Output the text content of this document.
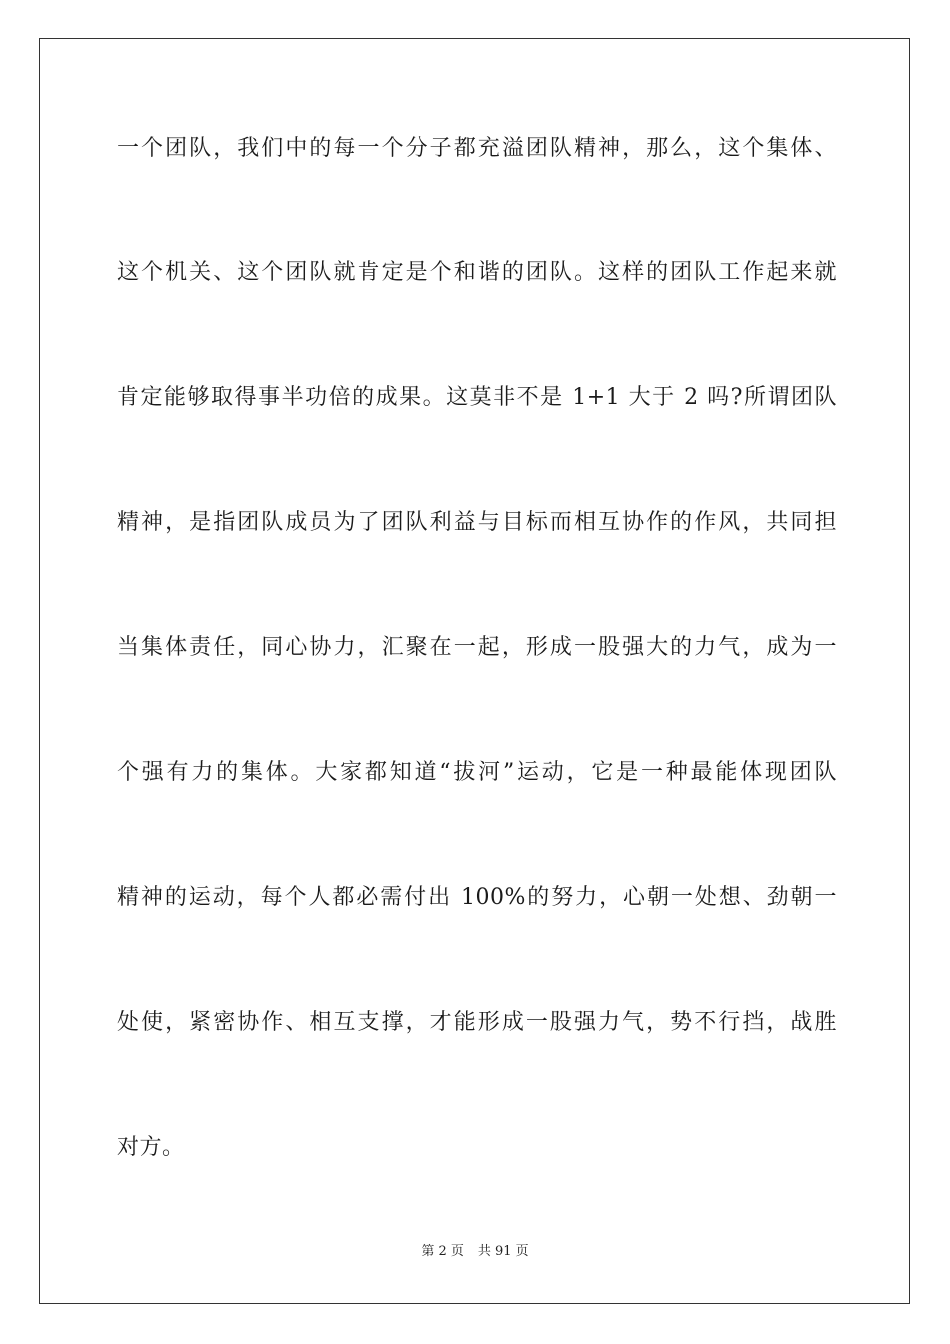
一个团队，我们中的每一个分子都充溢团队精神，那么，这个集体、
这个机关、这个团队就肯定是个和谐的团队。这样的团队工作起来就
肯定能够取得事半功倍的成果。这莫非不是 1+1 大于 2 吗?所谓团队
精神，是指团队成员为了团队利益与目标而相互协作的作风，共同担
当集体责任，同心协力，汇聚在一起，形成一股强大的力气，成为一
个强有力的集体。大家都知道“拔河”运动，它是一种最能体现团队
精神的运动，每个人都必需付出 100%的努力，心朝一处想、劲朝一
处使，紧密协作、相互支撑，才能形成一股强力气，势不行挡，战胜
对方。
第 2 页 共 91 页
